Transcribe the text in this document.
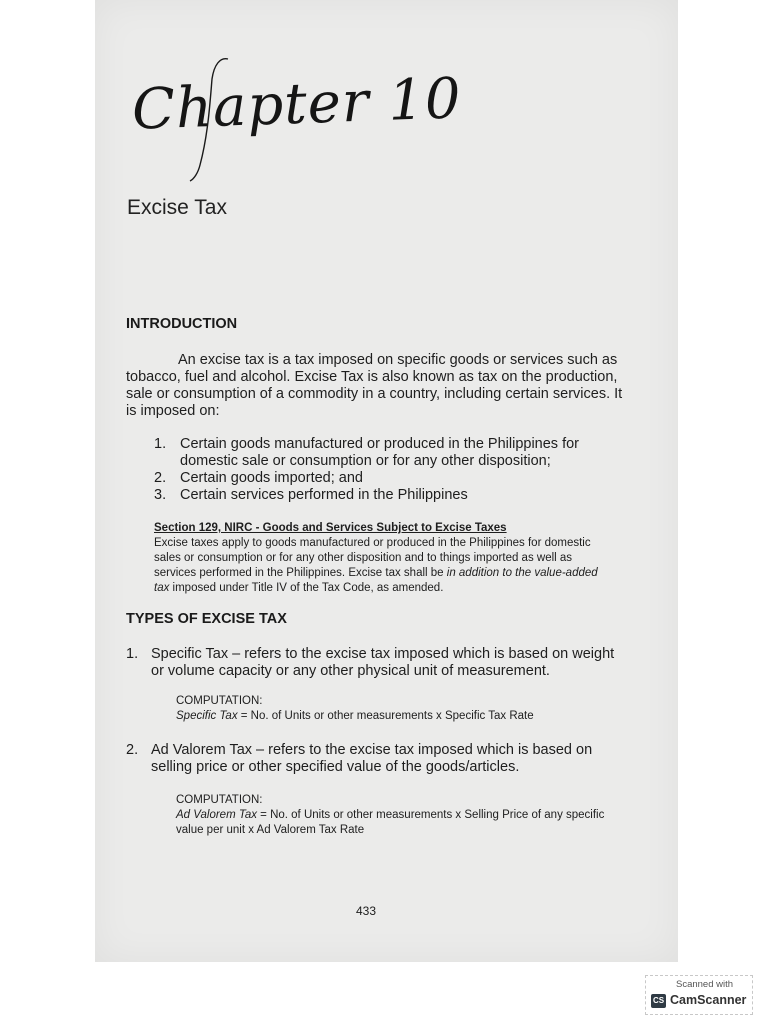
Chapter 10
Excise Tax
INTRODUCTION
An excise tax is a tax imposed on specific goods or services such as
tobacco, fuel and alcohol. Excise Tax is also known as tax on the production,
sale or consumption of a commodity in a country, including certain services. It
is imposed on:
1. Certain goods manufactured or produced in the Philippines for
domestic sale or consumption or for any other disposition;
2. Certain goods imported; and
3. Certain services performed in the Philippines
Section 129, NIRC - Goods and Services Subject to Excise Taxes
Excise taxes apply to goods manufactured or produced in the Philippines for domestic
sales or consumption or for any other disposition and to things imported as well as
services performed in the Philippines. Excise tax shall be in addition to the value-added
tax imposed under Title IV of the Tax Code, as amended.
TYPES OF EXCISE TAX
1. Specific Tax – refers to the excise tax imposed which is based on weight
or volume capacity or any other physical unit of measurement.
COMPUTATION:
Specific Tax = No. of Units or other measurements x Specific Tax Rate
2. Ad Valorem Tax – refers to the excise tax imposed which is based on
selling price or other specified value of the goods/articles.
COMPUTATION:
Ad Valorem Tax = No. of Units or other measurements x Selling Price of any specific
value per unit x Ad Valorem Tax Rate
433
Scanned with
CS CamScanner
